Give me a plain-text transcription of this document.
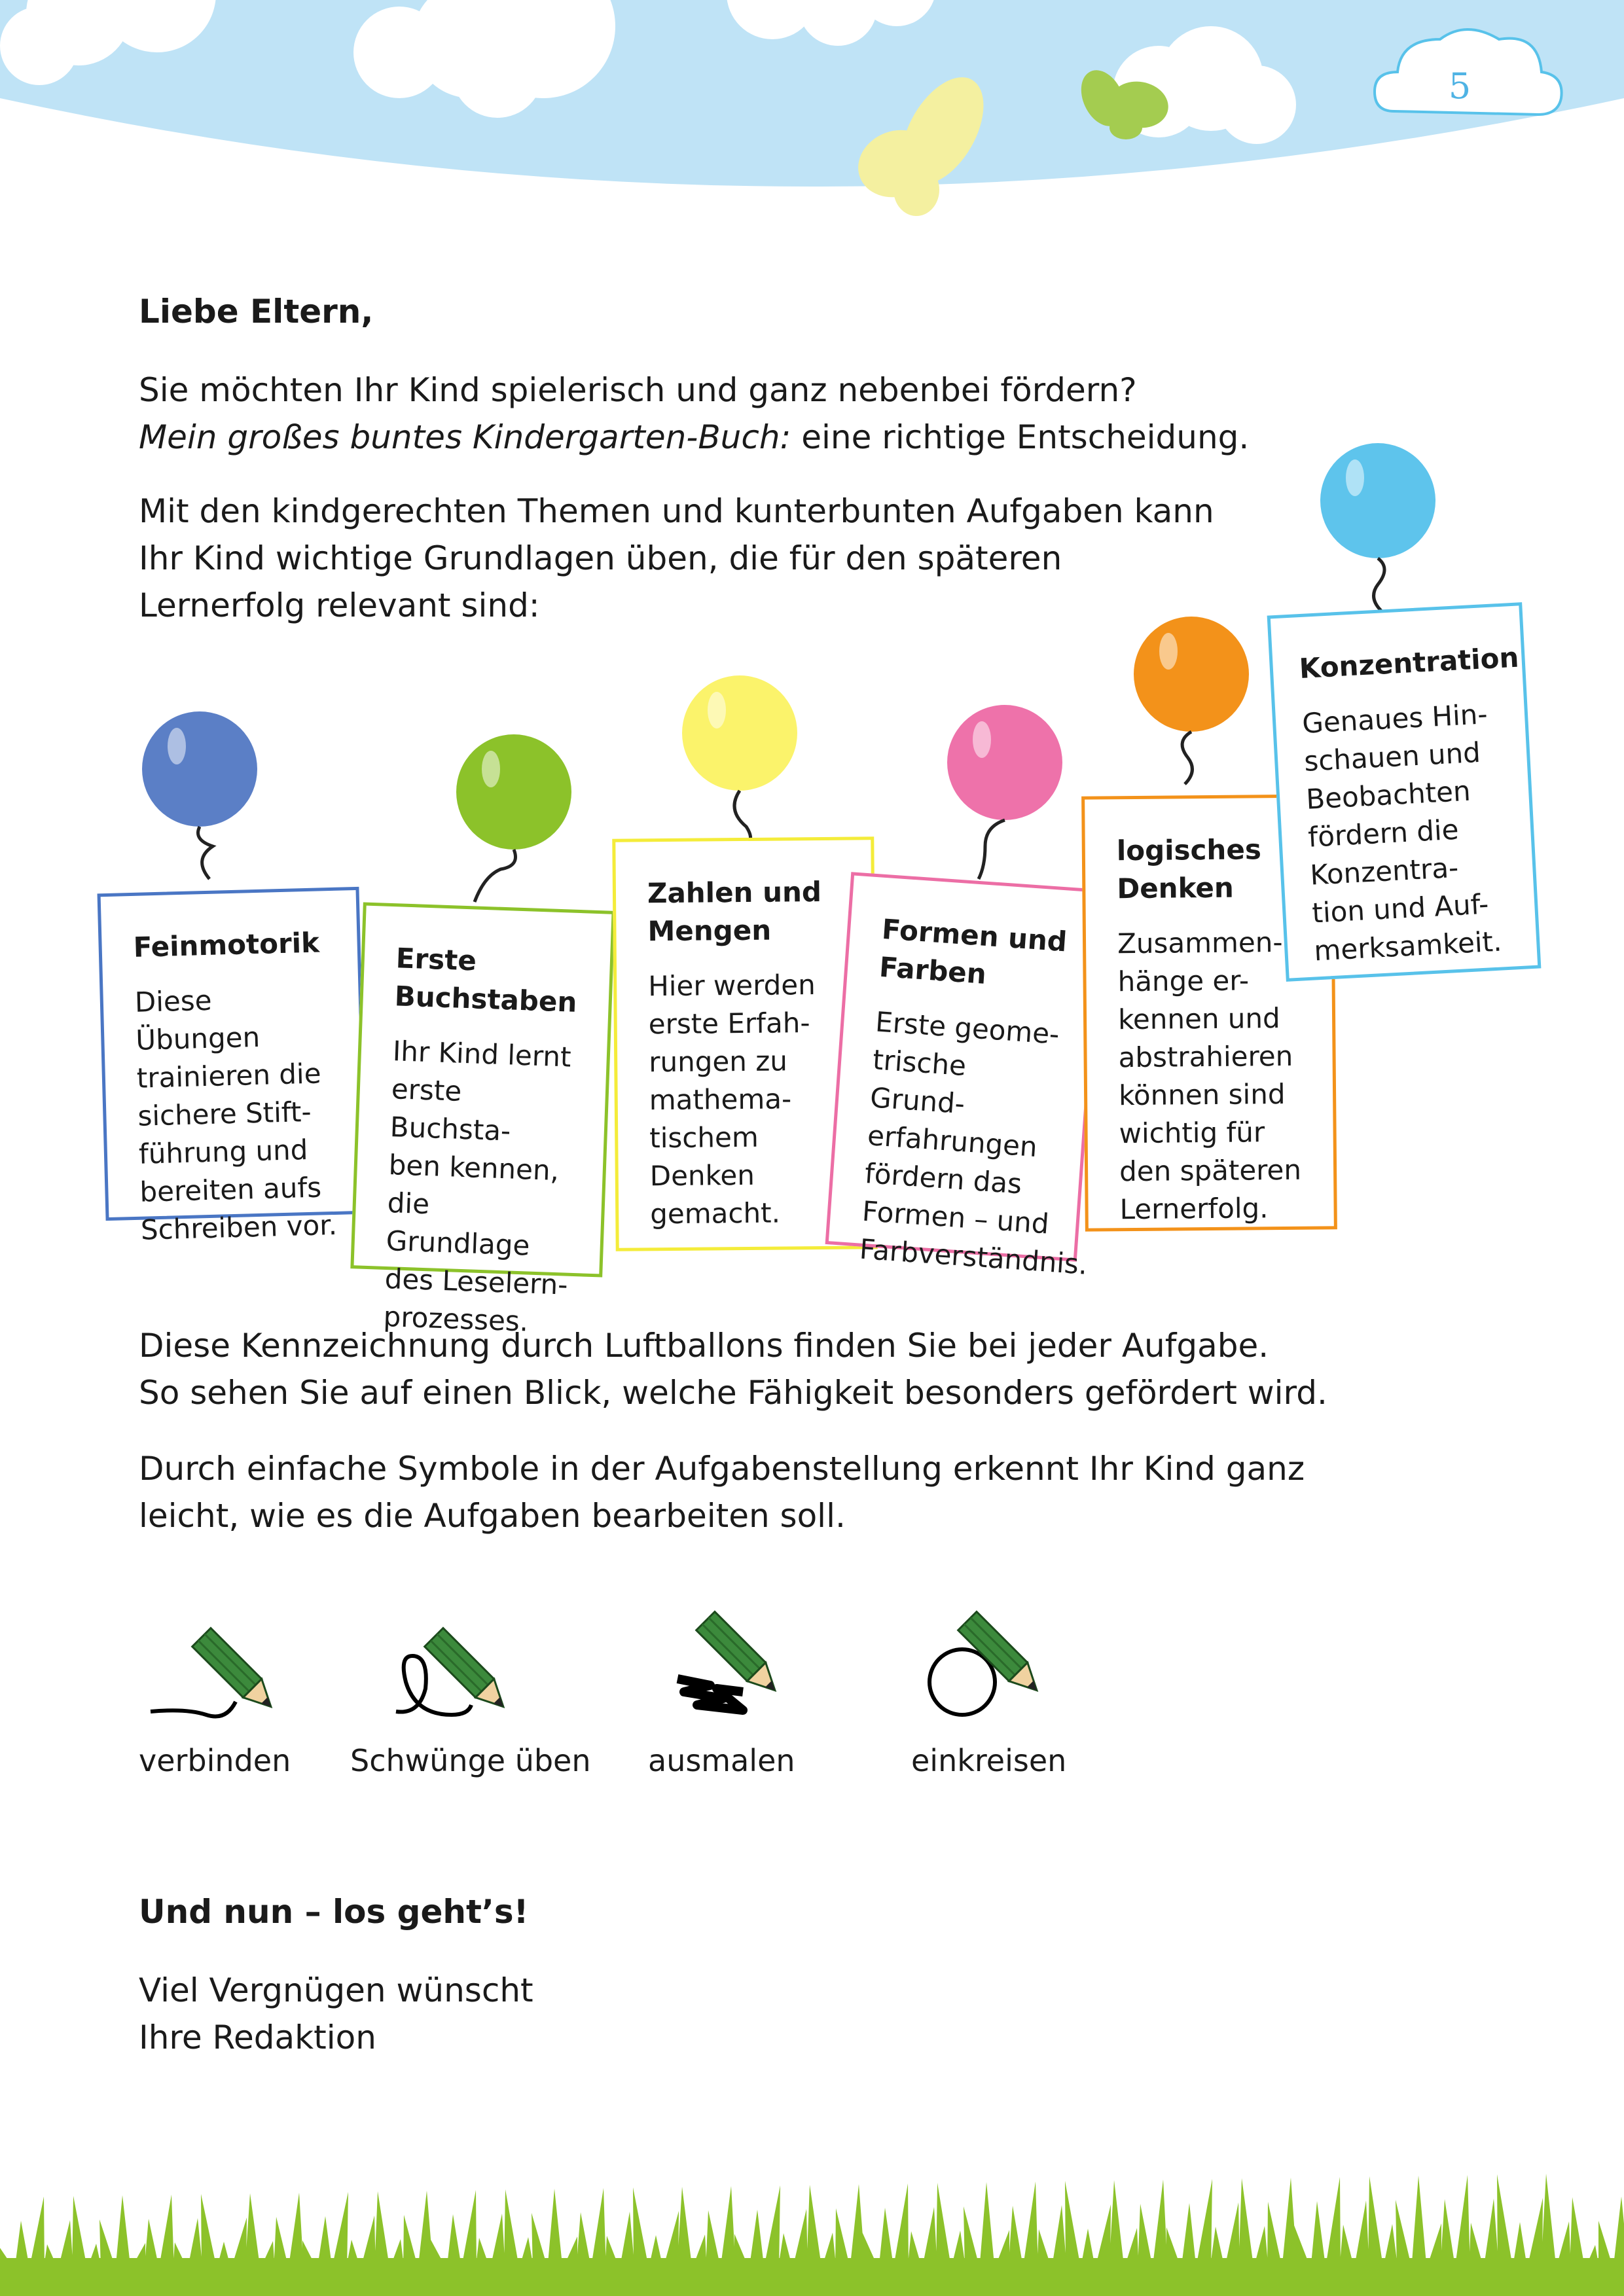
5
Liebe Eltern,
Sie möchten Ihr Kind spielerisch und ganz nebenbei fördern?
Mein großes buntes Kindergarten-Buch: eine richtige Entscheidung.
Mit den kindgerechten Themen und kunterbunten Aufgaben kann
Ihr Kind wichtige Grundlagen üben, die für den späteren
Lernerfolg relevant sind:
Feinmotorik
Diese Übungen
trainieren die
sichere Stift-
führung und
bereiten aufs
Schreiben vor.
Erste
Buchstaben
Ihr Kind lernt
erste Buchsta-
ben kennen,
die Grundlage
des Leselern-
prozesses.
Zahlen und
Mengen
Hier werden
erste Erfah-
rungen zu
mathema-
tischem
Denken
gemacht.
Formen und
Farben
Erste geome-
trische Grund-
erfahrungen
fördern das
Formen – und
Farbverständnis.
logisches
Denken
Zusammen-
hänge er-
kennen und
abstrahieren
können sind
wichtig für
den späteren
Lernerfolg.
Konzentration
Genaues Hin-
schauen und
Beobachten
fördern die
Konzentra-
tion und Auf-
merksamkeit.
Diese Kennzeichnung durch Luftballons finden Sie bei jeder Aufgabe.
So sehen Sie auf einen Blick, welche Fähigkeit besonders gefördert wird.
Durch einfache Symbole in der Aufgabenstellung erkennt Ihr Kind ganz
leicht, wie es die Aufgaben bearbeiten soll.
verbinden Schwünge üben ausmalen	einkreisen
Und nun – los geht’s!
Viel Vergnügen wünscht
Ihre Redaktion
